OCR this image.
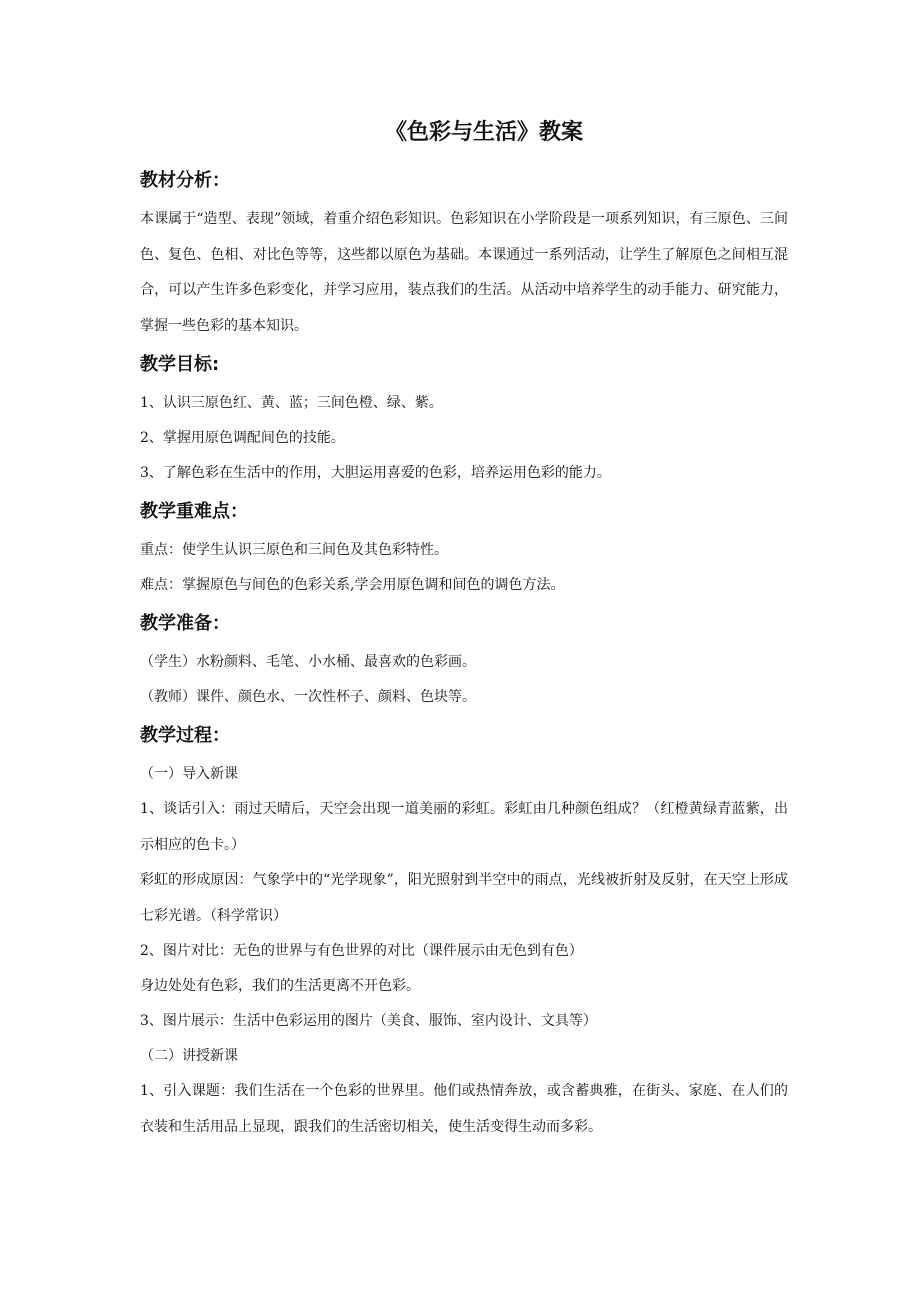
《色彩与生活》教案
教材分析：

本课属于“造型、表现”领域，着重介绍色彩知识。色彩知识在小学阶段是一项系列知识，有三原色、三间色、复色、色相、对比色等等，这些都以原色为基础。本课通过一系列活动，让学生了解原色之间相互混合，可以产生许多色彩变化，并学习应用，装点我们的生活。从活动中培养学生的动手能力、研究能力，掌握一些色彩的基本知识。

教学目标:

1、认识三原色红、黄、蓝；三间色橙、绿、紫。

2、掌握用原色调配间色的技能。

3、了解色彩在生活中的作用，大胆运用喜爱的色彩，培养运用色彩的能力。

教学重难点：

重点：使学生认识三原色和三间色及其色彩特性。

难点：掌握原色与间色的色彩关系,学会用原色调和间色的调色方法。

教学准备：

（学生）水粉颜料、毛笔、小水桶、最喜欢的色彩画。

（教师）课件、颜色水、一次性杯子、颜料、色块等。

教学过程：

（一）导入新课

1、谈话引入：雨过天晴后，天空会出现一道美丽的彩虹。彩虹由几种颜色组成？（红橙黄绿青蓝紫，出示相应的色卡。）

彩虹的形成原因：气象学中的“光学现象”，阳光照射到半空中的雨点，光线被折射及反射，在天空上形成七彩光谱。（科学常识）

2、图片对比：无色的世界与有色世界的对比（课件展示由无色到有色）

身边处处有色彩，我们的生活更离不开色彩。

3、图片展示：生活中色彩运用的图片（美食、服饰、室内设计、文具等）

（二）讲授新课

1、引入课题：我们生活在一个色彩的世界里。他们或热情奔放，或含蓄典雅，在街头、家庭、在人们的衣装和生活用品上显现，跟我们的生活密切相关，使生活变得生动而多彩。
